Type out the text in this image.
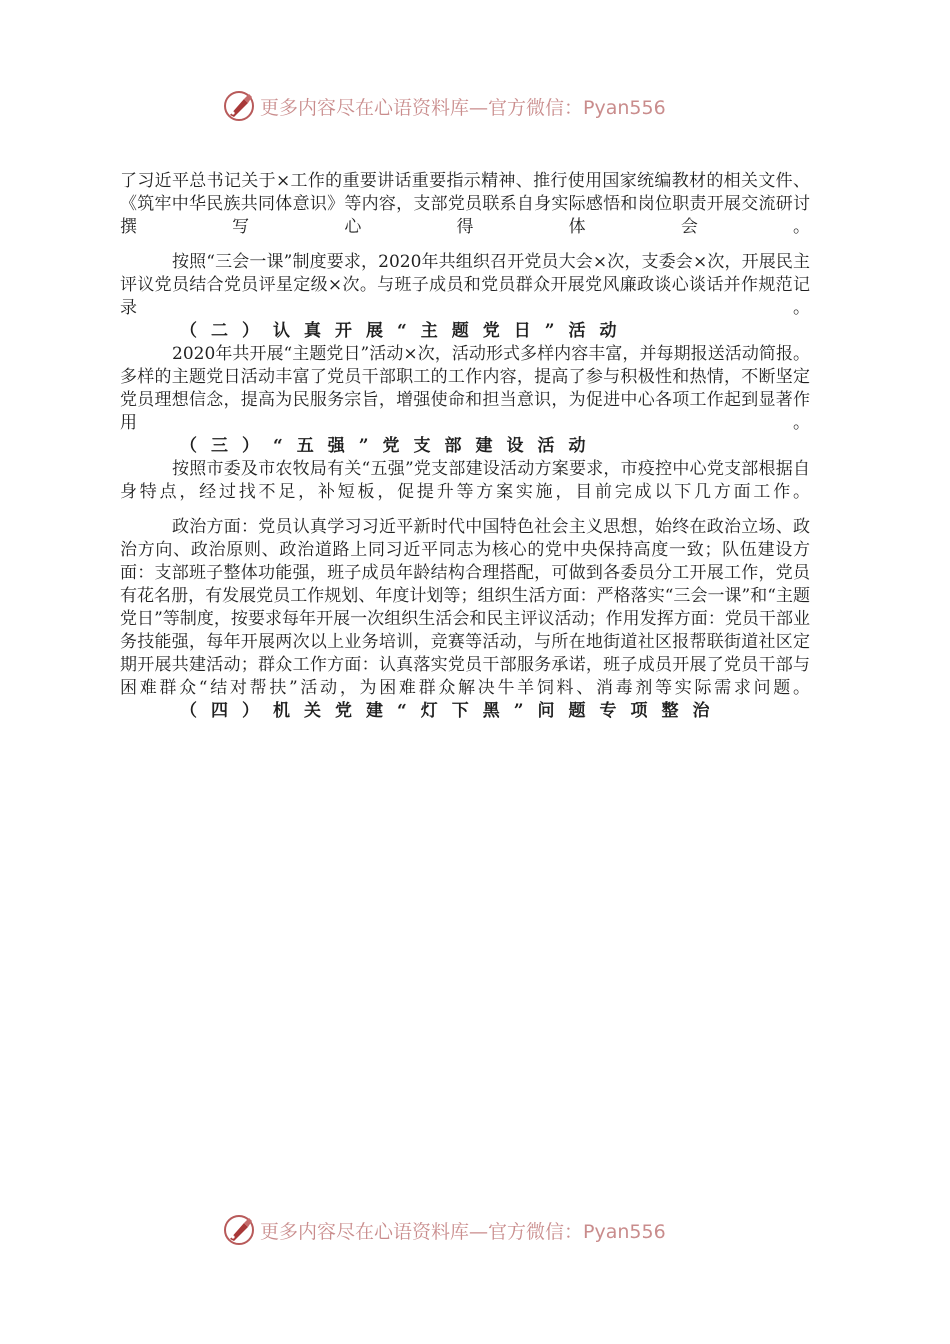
更多内容尽在心语资料库—官方微信：Pyan556

了习近平总书记关于×工作的重要讲话重要指示精神、推行使用国家统编教材的相关文件、《筑牢中华民族共同体意识》等内容，支部党员联系自身实际感悟和岗位职责开展交流研讨撰写心得体会。

按照“三会一课”制度要求，2020年共组织召开党员大会×次，支委会×次，开展民主评议党员结合党员评星定级×次。与班子成员和党员群众开展党风廉政谈心谈话并作规范记录。

（二）认真开展“主题党日”活动

2020年共开展“主题党日”活动×次，活动形式多样内容丰富，并每期报送活动简报。多样的主题党日活动丰富了党员干部职工的工作内容，提高了参与积极性和热情，不断坚定党员理想信念，提高为民服务宗旨，增强使命和担当意识，为促进中心各项工作起到显著作用。

（三）“五强”党支部建设活动

按照市委及市农牧局有关“五强”党支部建设活动方案要求，市疫控中心党支部根据自身特点，经过找不足，补短板，促提升等方案实施，目前完成以下几方面工作。

政治方面：党员认真学习习近平新时代中国特色社会主义思想，始终在政治立场、政治方向、政治原则、政治道路上同习近平同志为核心的党中央保持高度一致；队伍建设方面：支部班子整体功能强，班子成员年龄结构合理搭配，可做到各委员分工开展工作，党员有花名册，有发展党员工作规划、年度计划等；组织生活方面：严格落实“三会一课”和“主题党日”等制度，按要求每年开展一次组织生活会和民主评议活动；作用发挥方面：党员干部业务技能强，每年开展两次以上业务培训，竞赛等活动，与所在地街道社区报帮联街道社区定期开展共建活动；群众工作方面：认真落实党员干部服务承诺，班子成员开展了党员干部与困难群众“结对帮扶”活动，为困难群众解决牛羊饲料、消毒剂等实际需求问题。

（四）机关党建“灯下黑”问题专项整治

更多内容尽在心语资料库—官方微信：Pyan556
